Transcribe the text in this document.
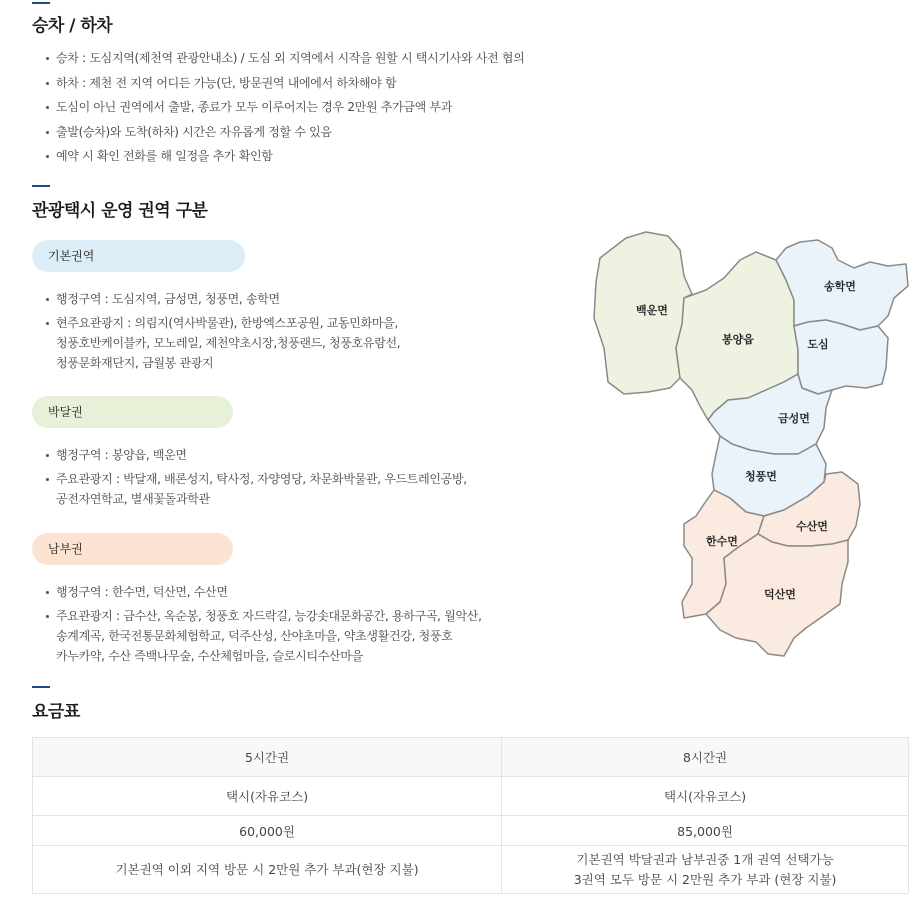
승차 / 하차
승차 : 도심지역(제천역 관광안내소) / 도심 외 지역에서 시작을 원할 시 택시기사와 사전 협의
하차 : 제천 전 지역 어디든 가능(단, 방문권역 내에에서 하차해야 함
도심이 아닌 권역에서 출발, 종료가 모두 이루어지는 경우 2만원 추가금액 부과
출발(승차)와 도착(하차) 시간은 자유롭게 정할 수 있음
예약 시 확인 전화를 해 일정을 추가 확인함
관광택시 운영 권역 구분
기본권역
행정구역 : 도심지역, 금성면, 청풍면, 송학면
현주요관광지 : 의림지(역사박물관), 한방엑스포공원, 교동민화마을,
청풍호반케이블카, 모노레일, 제천약초시장,청풍랜드, 청풍호유람선,
청풍문화재단지, 금월봉 관광지
박달권
행정구역 : 봉양읍, 백운면
주요관광지 : 박달재, 배론성지, 탁사정, 자양영당, 차문화박물관, 우드트레인공방,
공전자연학교, 별새꽃돌과학관
남부권
행정구역 : 한수면, 덕산면, 수산면
주요관광지 : 금수산, 옥순봉, 청풍호 자드락길, 능강솟대문화공간, 용하구곡, 월악산,
송계계곡, 한국전통문화체험학교, 덕주산성, 산야초마을, 약초생활건강, 청풍호
카누카약, 수산 즉백나무숲, 수산체험마을, 슬로시티수산마을
백운면
봉양읍
송학면
도심
금성면
청풍면
한수면
수산면
덕산면
요금표
5시간권	8시간권
택시(자유코스)	택시(자유코스)
60,000원	85,000원
기본권역 이외 지역 방문 시 2만원 추가 부과(현장 지불)	기본권역 박달권과 남부권중 1개 권역 선택가능
3권역 모두 방문 시 2만원 추가 부과 (현장 지불)
